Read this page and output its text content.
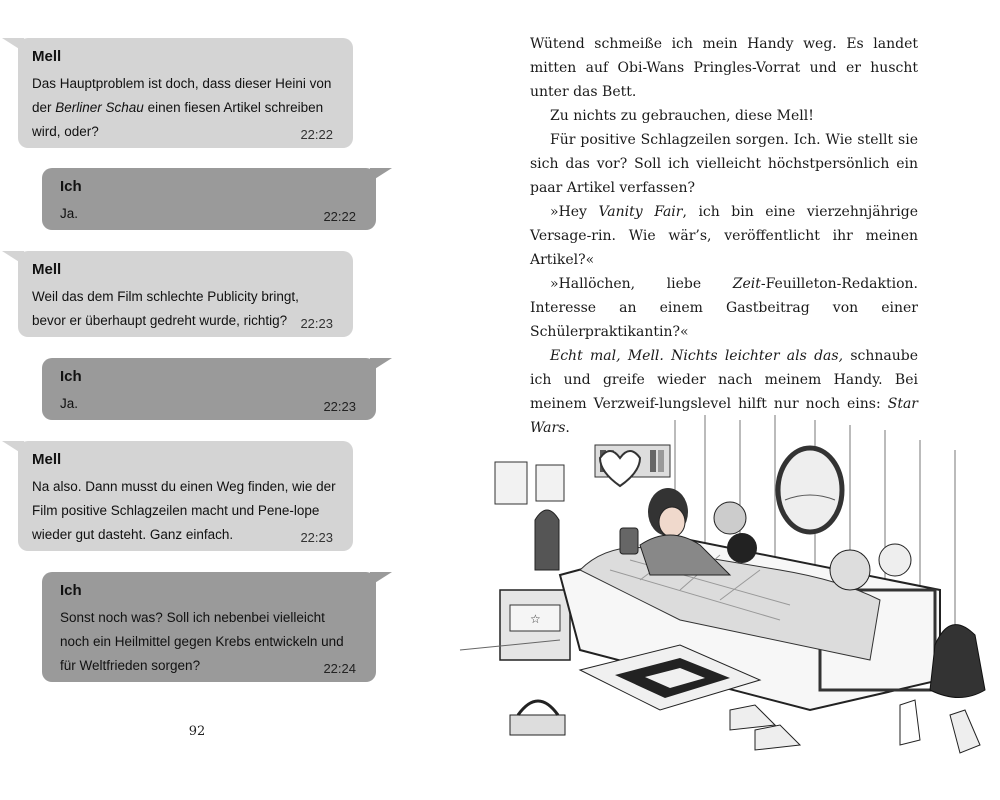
Mell
Das Hauptproblem ist doch, dass dieser Heini von der Berliner Schau einen fiesen Artikel schreiben wird, oder?	22:22
Ich
Ja.	22:22
Mell
Weil das dem Film schlechte Publicity bringt, bevor er überhaupt gedreht wurde, richtig?	22:23
Ich
Ja.	22:23
Mell
Na also. Dann musst du einen Weg finden, wie der Film positive Schlagzeilen macht und Pene-lope wieder gut dasteht. Ganz einfach.	22:23
Ich
Sonst noch was? Soll ich nebenbei vielleicht noch ein Heilmittel gegen Krebs entwickeln und für Weltfrieden sorgen?	22:24
92

Wütend schmeiße ich mein Handy weg. Es landet mitten auf Obi-Wans Pringles-Vorrat und er huscht unter das Bett.

Zu nichts zu gebrauchen, diese Mell!

Für positive Schlagzeilen sorgen. Ich. Wie stellt sie sich das vor? Soll ich vielleicht höchstpersönlich ein paar Artikel verfassen?

»Hey Vanity Fair, ich bin eine vierzehnjährige Versage-rin. Wie wär’s, veröffentlicht ihr meinen Artikel?«

»Hallöchen, liebe Zeit-Feuilleton-Redaktion. Interesse an einem Gastbeitrag von einer Schülerpraktikantin?«

Echt mal, Mell. Nichts leichter als das, schnaube ich und greife wieder nach meinem Handy. Bei meinem Verzweif-lungslevel hilft nur noch eins: Star Wars.

☆
